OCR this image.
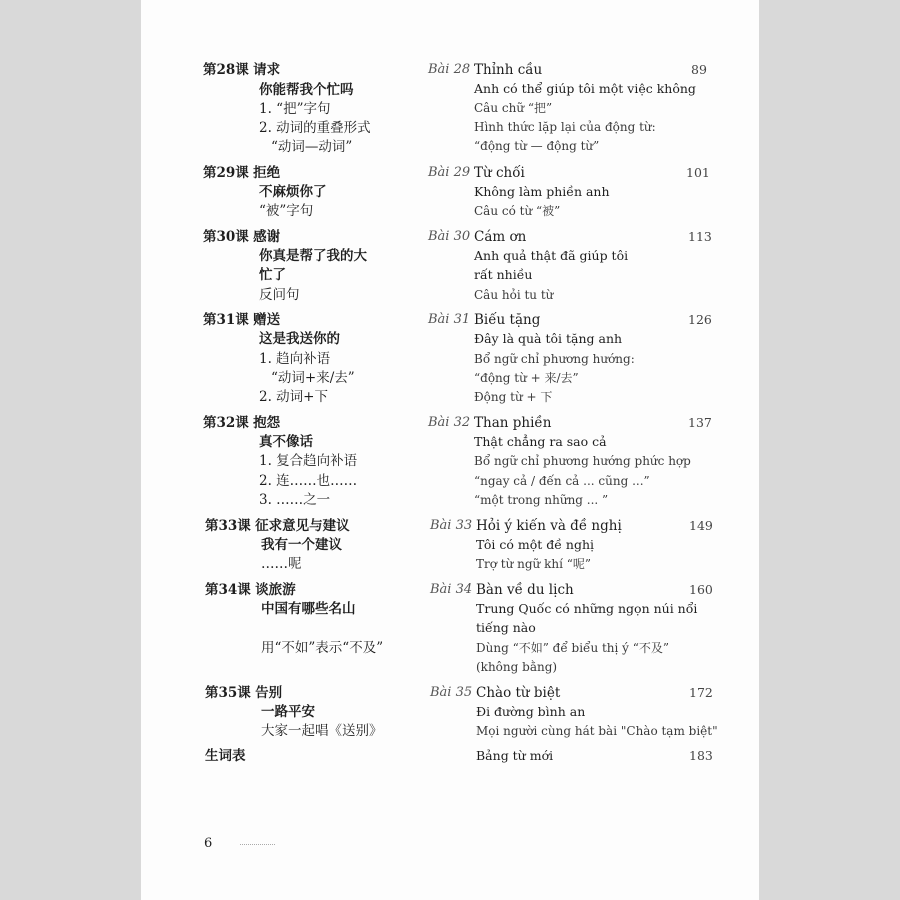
第28课 请求
你能帮我个忙吗
1. “把”字句
2. 动词的重叠形式
“动词—动词”
Bài 28 Thỉnh cầu
Anh có thể giúp tôi một việc không
Câu chữ “把”
Hình thức lặp lại của động từ:
“động từ — động từ”
89
第29课 拒绝
不麻烦你了
“被”字句
Bài 29 Từ chối
Không làm phiền anh
Câu có từ “被”
101
第30课 感谢
你真是帮了我的大
忙了
反问句
Bài 30 Cám ơn
Anh quả thật đã giúp tôi
rất nhiều
Câu hỏi tu từ
113
第31课 赠送
这是我送你的
1. 趋向补语
“动词+来/去”
2. 动词+下
Bài 31 Biếu tặng
Đây là quà tôi tặng anh
Bổ ngữ chỉ phương hướng:
“động từ + 来/去”
Động từ + 下
126
第32课 抱怨
真不像话
1. 复合趋向补语
2. 连……也……
3. ……之一
Bài 32 Than phiền
Thật chẳng ra sao cả
Bổ ngữ chỉ phương hướng phức hợp
“ngay cả / đến cả ... cũng ...”
“một trong những ... ”
137
第33课 征求意见与建议
我有一个建议
……呢
Bài 33 Hỏi ý kiến và đề nghị
Tôi có một đề nghị
Trợ từ ngữ khí “呢”
149
第34课 谈旅游
中国有哪些名山
用“不如”表示“不及”
Bài 34 Bàn về du lịch
Trung Quốc có những ngọn núi nổi
tiếng nào
Dùng “不如” để biểu thị ý “不及”
(không bằng)
160
第35课 告别
一路平安
大家一起唱《送别》
Bài 35 Chào từ biệt
Đi đường bình an
Mọi người cùng hát bài "Chào tạm biệt"
172
生词表	Bảng từ mới	183
6
